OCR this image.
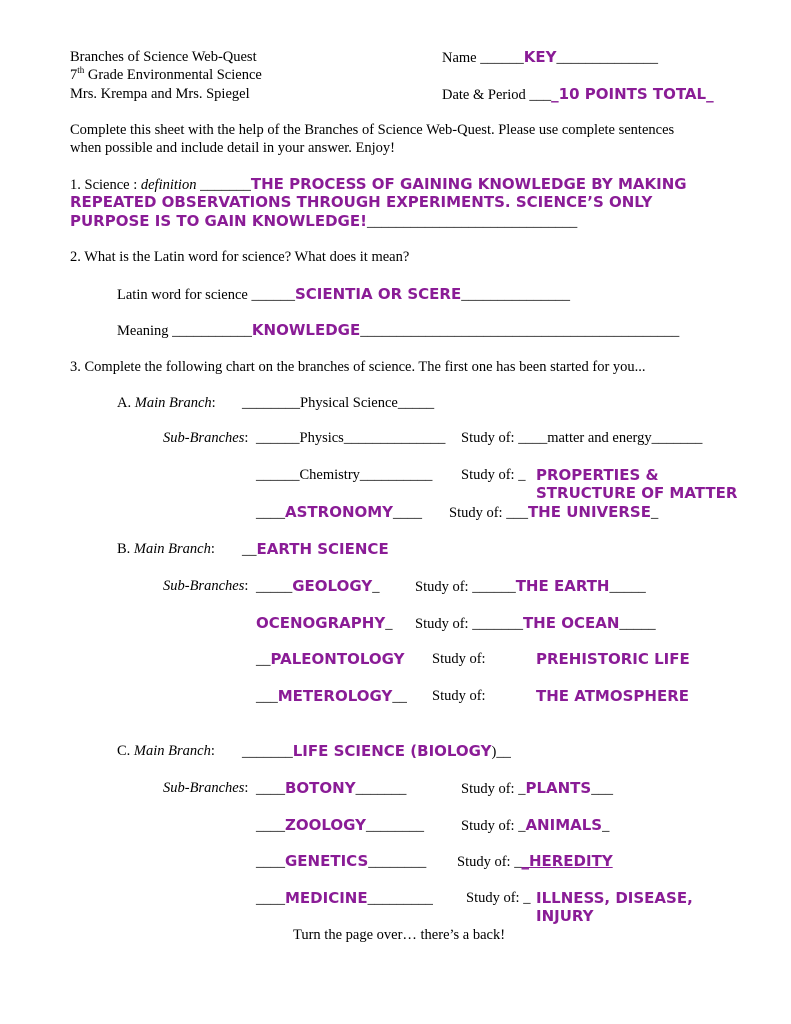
Branches of Science Web-Quest
7th Grade Environmental Science
Mrs. Krempa and Mrs. Spiegel
Name ______KEY______________
Date & Period ____10 POINTS TOTAL_
Complete this sheet with the help of the Branches of Science Web-Quest. Please use complete sentences
when possible and include detail in your answer. Enjoy!
1. Science : definition _______THE PROCESS OF GAINING KNOWLEDGE BY MAKING
REPEATED OBSERVATIONS THROUGH EXPERIMENTS. SCIENCE’S ONLY
PURPOSE IS TO GAIN KNOWLEDGE!_____________________________
2. What is the Latin word for science? What does it mean?
Latin word for science ______SCIENTIA OR SCERE_______________
Meaning ___________KNOWLEDGE____________________________________________
3. Complete the following chart on the branches of science. The first one has been started for you...
A. Main Branch: ________Physical Science_____
Sub-Branches: ______Physics______________ Study of: ____matter and energy_______
______Chemistry__________ Study of: _ PROPERTIES &
STRUCTURE OF MATTER
____ASTRONOMY____ Study of: ___THE UNIVERSE_
B. Main Branch: __EARTH SCIENCE
Sub-Branches: _____GEOLOGY_ Study of: ______THE EARTH_____
OCENOGRAPHY_ Study of: _______THE OCEAN_____
__PALEONTOLOGY Study of:	PREHISTORIC LIFE
___METEROLOGY__ Study of:	THE ATMOSPHERE
C. Main Branch: _______LIFE SCIENCE (BIOLOGY)__
Sub-Branches: ____BOTONY_______	Study of: _PLANTS___
____ZOOLOGY________	Study of: _ANIMALS_
____GENETICS________ Study of: __HEREDITY
____MEDICINE_________ Study of: _ ILLNESS, DISEASE,
INJURY
Turn the page over… there’s a back!
